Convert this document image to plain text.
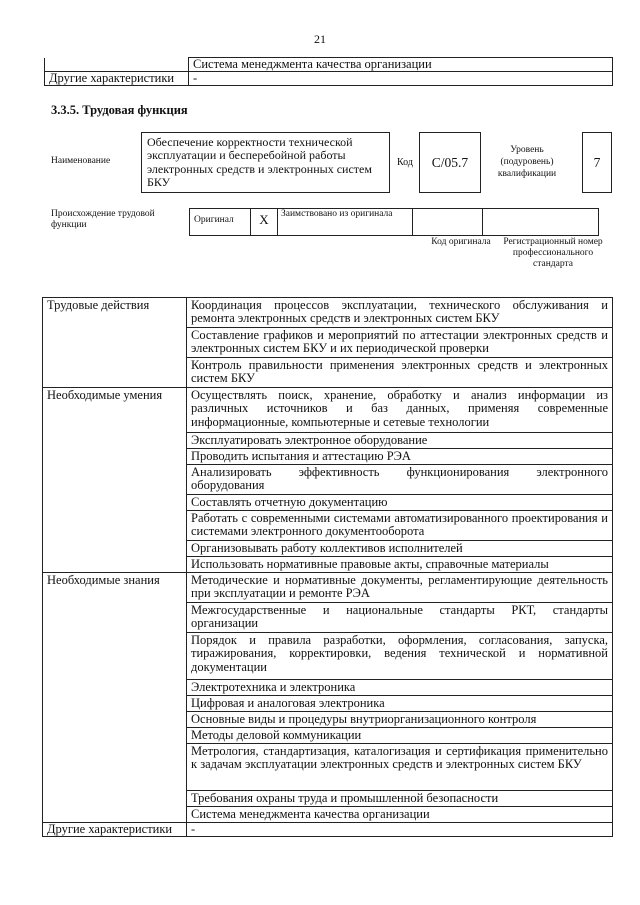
21
	Система менеджмента качества организации
Другие характеристики	-
3.3.5. Трудовая функция
Наименование
Обеспечение корректности технической эксплуатации и бесперебойной работы электронных средств и электронных систем БКУ
Код	С/05.7
Уровень (подуровень) квалификации
7
Происхождение трудовой функции	Оригинал	X	Заимствовано из оригинала		
Код оригинала	Регистрационный номер профессионального стандарта
Трудовые действия	Координация процессов эксплуатации, технического обслуживания и ремонта электронных средств и электронных систем БКУ
	Составление графиков и мероприятий по аттестации электронных средств и электронных систем БКУ и их периодической проверки
	Контроль правильности применения электронных средств и электронных систем БКУ
Необходимые умения	Осуществлять поиск, хранение, обработку и анализ информации из различных источников и баз данных, применяя современные информационные, компьютерные и сетевые технологии
	Эксплуатировать электронное оборудование
	Проводить испытания и аттестацию РЭА
	Анализировать эффективность функционирования электронного оборудования
	Составлять отчетную документацию
	Работать с современными системами автоматизированного проектирования и системами электронного документооборота
	Организовывать работу коллективов исполнителей
	Использовать нормативные правовые акты, справочные материалы
Необходимые знания	Методические и нормативные документы, регламентирующие деятельность при эксплуатации и ремонте РЭА
	Межгосударственные и национальные стандарты РКТ, стандарты организации
	Порядок и правила разработки, оформления, согласования, запуска, тиражирования, корректировки, ведения технической и нормативной документации
	Электротехника и электроника
	Цифровая и аналоговая электроника
	Основные виды и процедуры внутриорганизационного контроля
	Методы деловой коммуникации
	Метрология, стандартизация, каталогизация и сертификация применительно к задачам эксплуатации электронных средств и электронных систем БКУ
	Требования охраны труда и промышленной безопасности
	Система менеджмента качества организации
Другие характеристики	-
